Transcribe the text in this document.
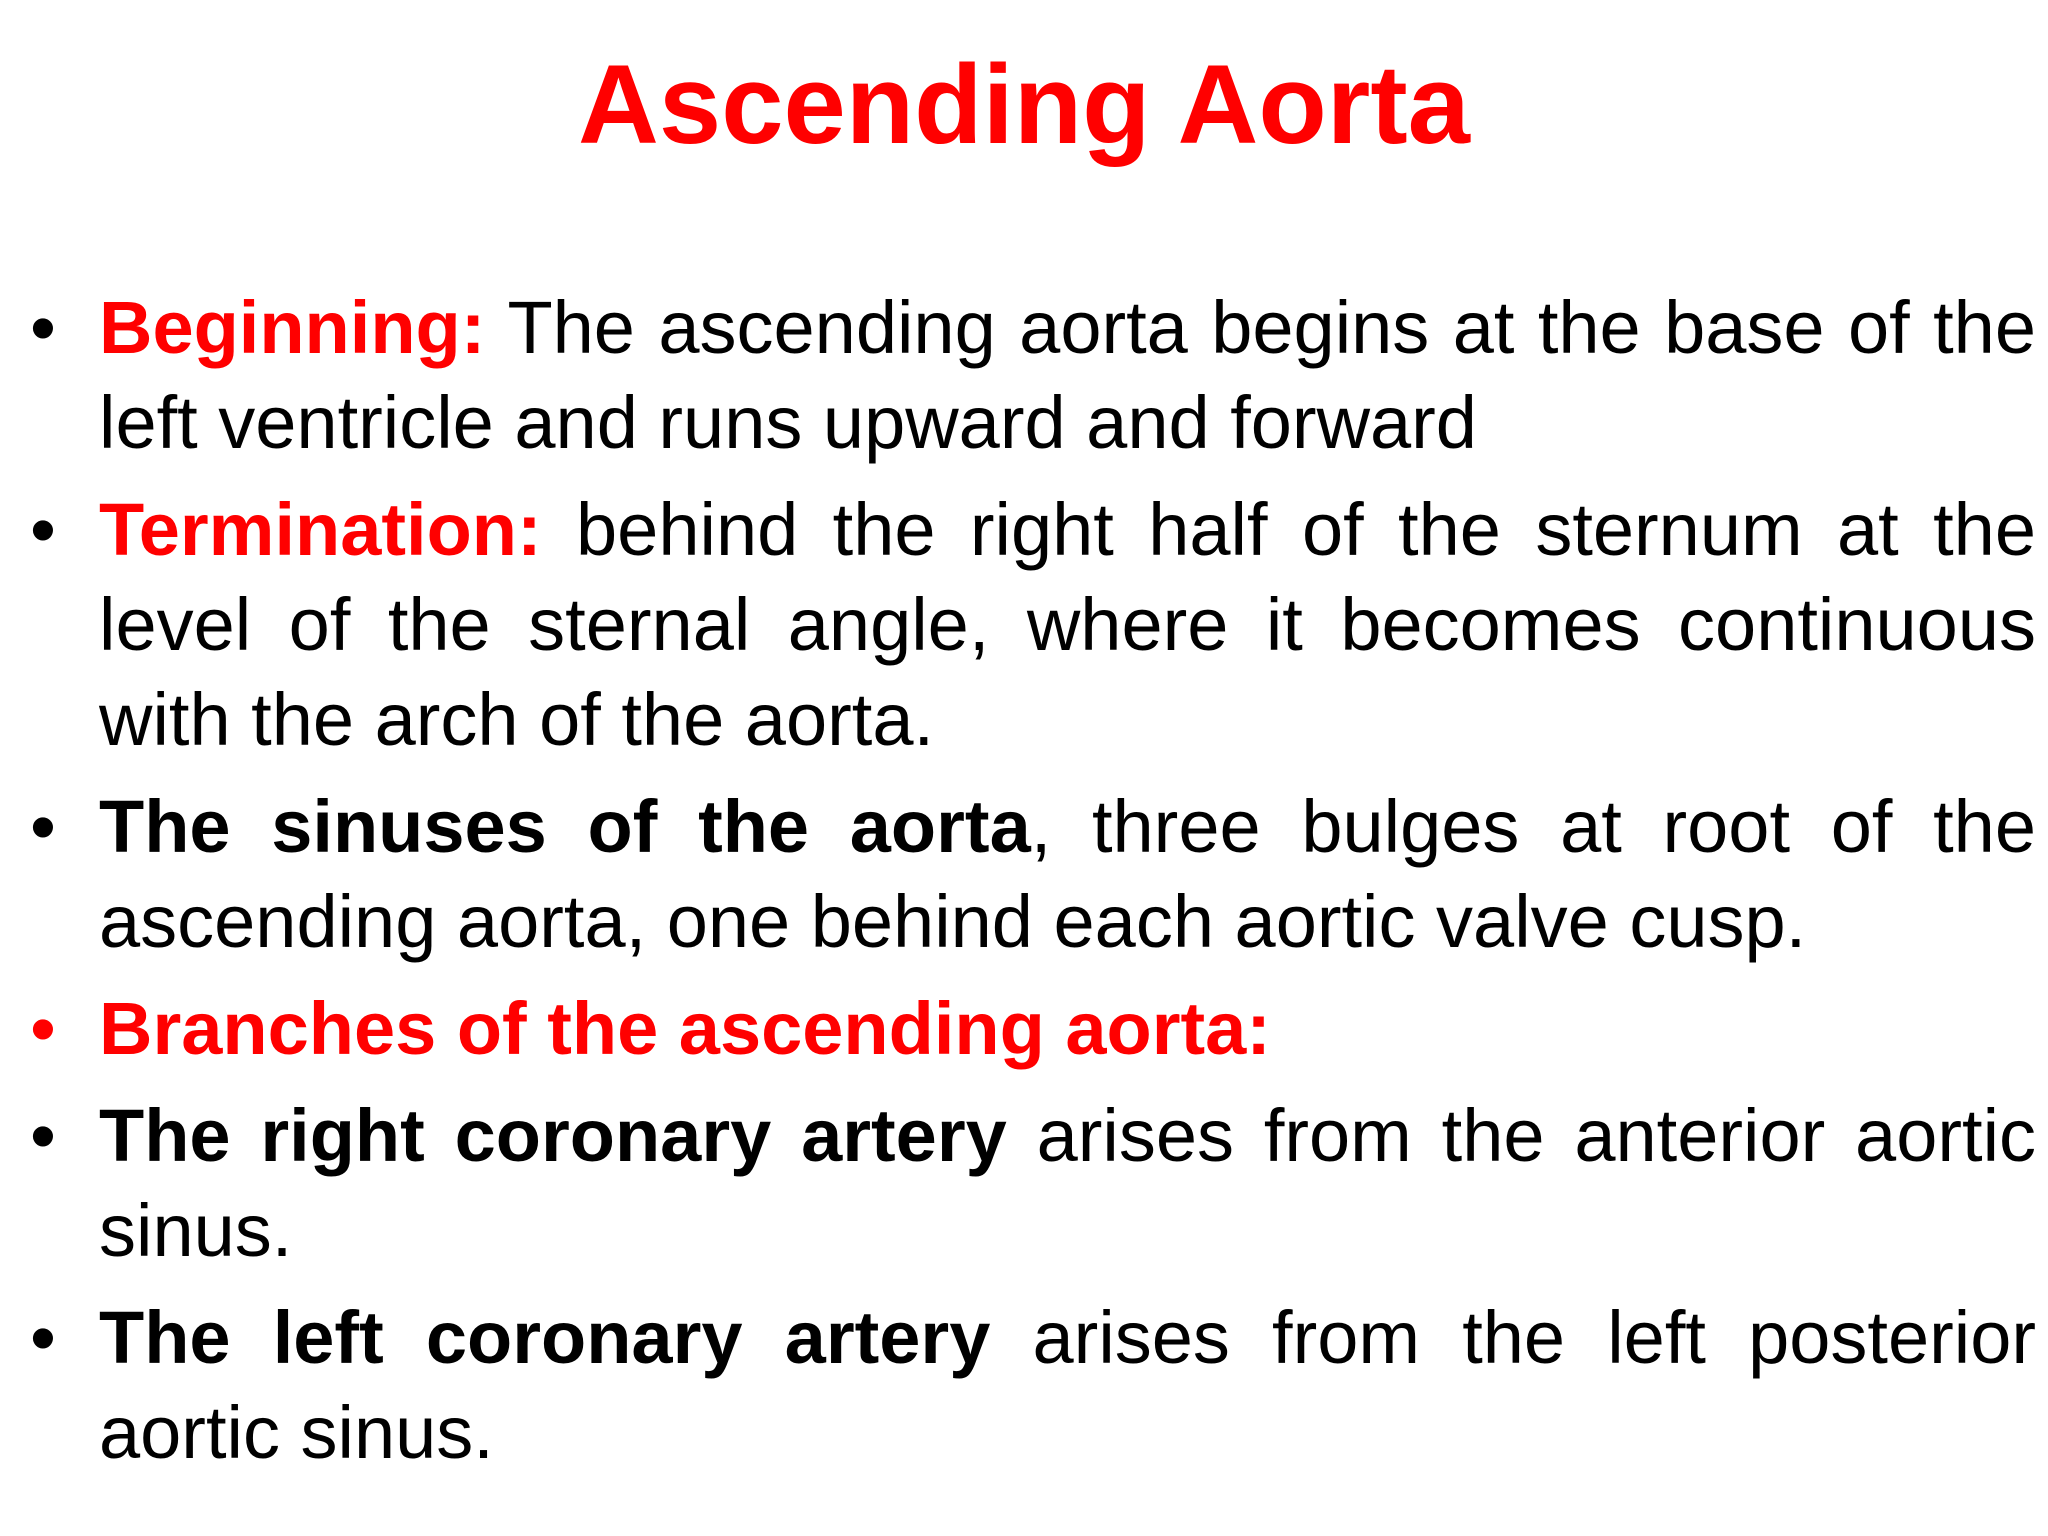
Ascending Aorta
• Beginning: The ascending aorta begins at the base of the left ventricle and runs upward and forward
• Termination: behind the right half of the sternum at the level of the sternal angle, where it becomes continuous with the arch of the aorta.
• The sinuses of the aorta, three bulges at root of the ascending aorta, one behind each aortic valve cusp.
• Branches of the ascending aorta:
• The right coronary artery arises from the anterior aortic sinus.
• The left coronary artery arises from the left posterior aortic sinus.
